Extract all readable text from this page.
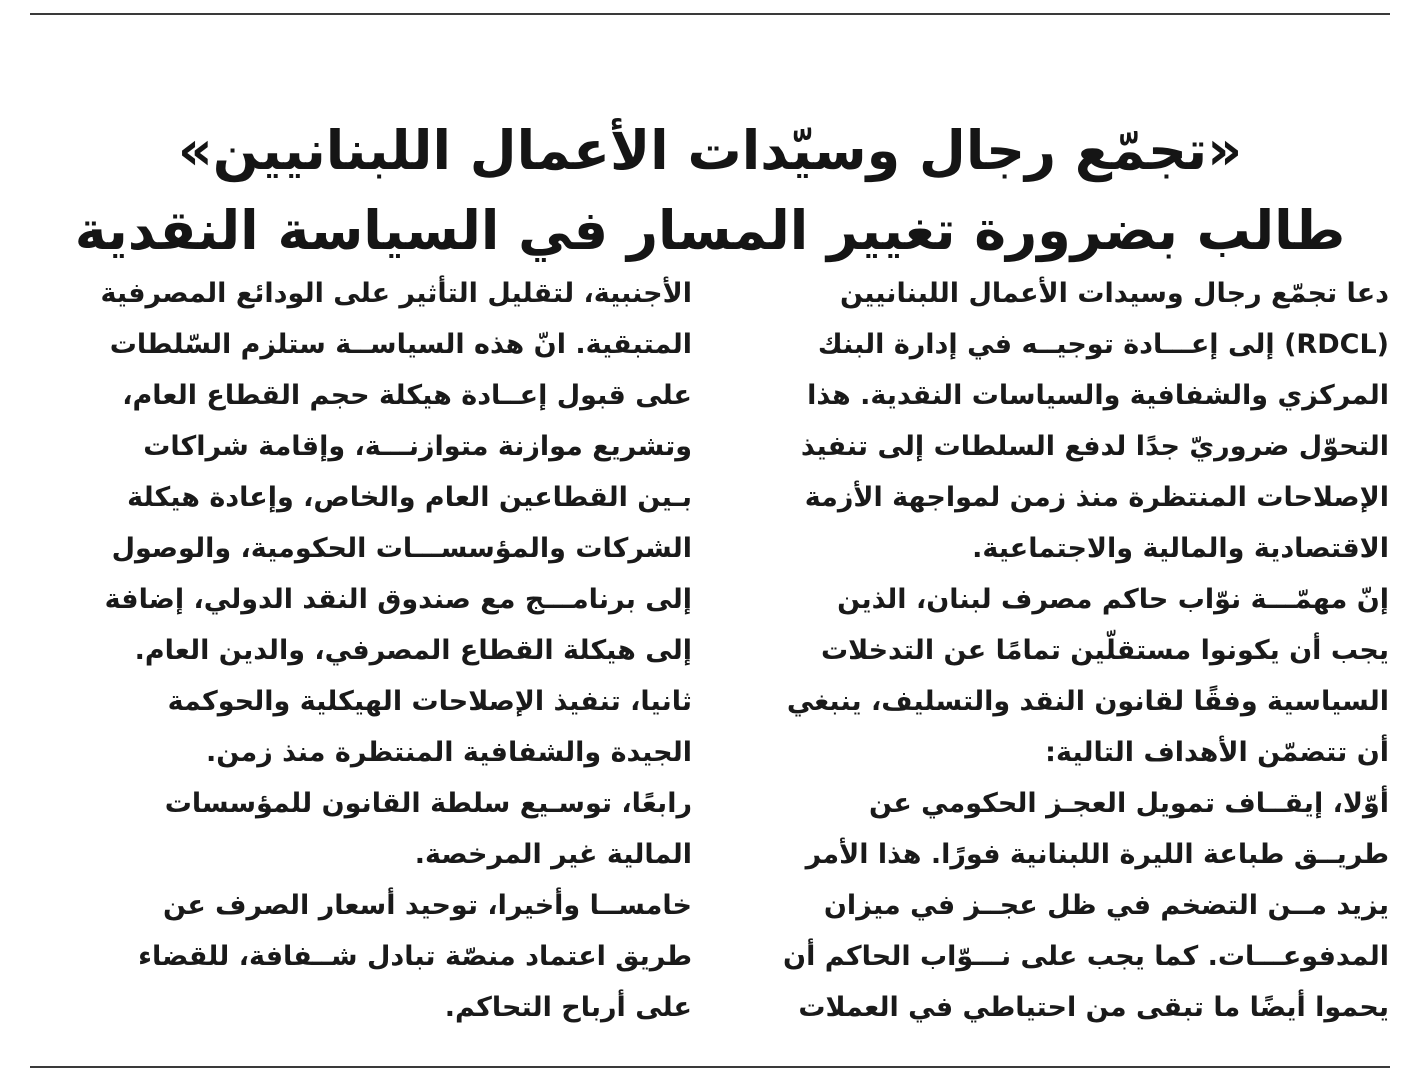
«تجمّع رجال وسيّدات الأعمال اللبنانيين»
طالب بضرورة تغيير المسار في السياسة النقدية
دعا تجمّع رجال وسيدات الأعمال اللبنانيين
(RDCL) إلى إعـــادة توجيــه في إدارة البنك
المركزي والشفافية والسياسات النقدية. هذا
التحوّل ضروريّ جدًا لدفع السلطات إلى تنفيذ
الإصلاحات المنتظرة منذ زمن لمواجهة الأزمة
الاقتصادية والمالية والاجتماعية.
إنّ مهمّـــة نوّاب حاكم مصرف لبنان، الذين
يجب أن يكونوا مستقلّين تمامًا عن التدخلات
السياسية وفقًا لقانون النقد والتسليف، ينبغي
أن تتضمّن الأهداف التالية:
أوّلا، إيقــاف تمويل العجـز الحكومي عن
طريــق طباعة الليرة اللبنانية فورًا. هذا الأمر
يزيد مــن التضخم في ظل عجــز في ميزان
المدفوعـــات. كما يجب على نـــوّاب الحاكم أن
يحموا أيضًا ما تبقى من احتياطي في العملات
الأجنبية، لتقليل التأثير على الودائع المصرفية
المتبقية. انّ هذه السياســة ستلزم السّلطات
على قبول إعــادة هيكلة حجم القطاع العام،
وتشريع موازنة متوازنـــة، وإقامة شراكات
بـين القطاعين العام والخاص، وإعادة هيكلة
الشركات والمؤسســـات الحكومية، والوصول
إلى برنامـــج مع صندوق النقد الدولي، إضافة
إلى هيكلة القطاع المصرفي، والدين العام.
ثانيا، تنفيذ الإصلاحات الهيكلية والحوكمة
الجيدة والشفافية المنتظرة منذ زمن.
رابعًا، توسـيع سلطة القانون للمؤسسات
المالية غير المرخصة.
خامســا وأخيرا، توحيد أسعار الصرف عن
طريق اعتماد منصّة تبادل شــفافة، للقضاء
على أرباح التحاكم.
